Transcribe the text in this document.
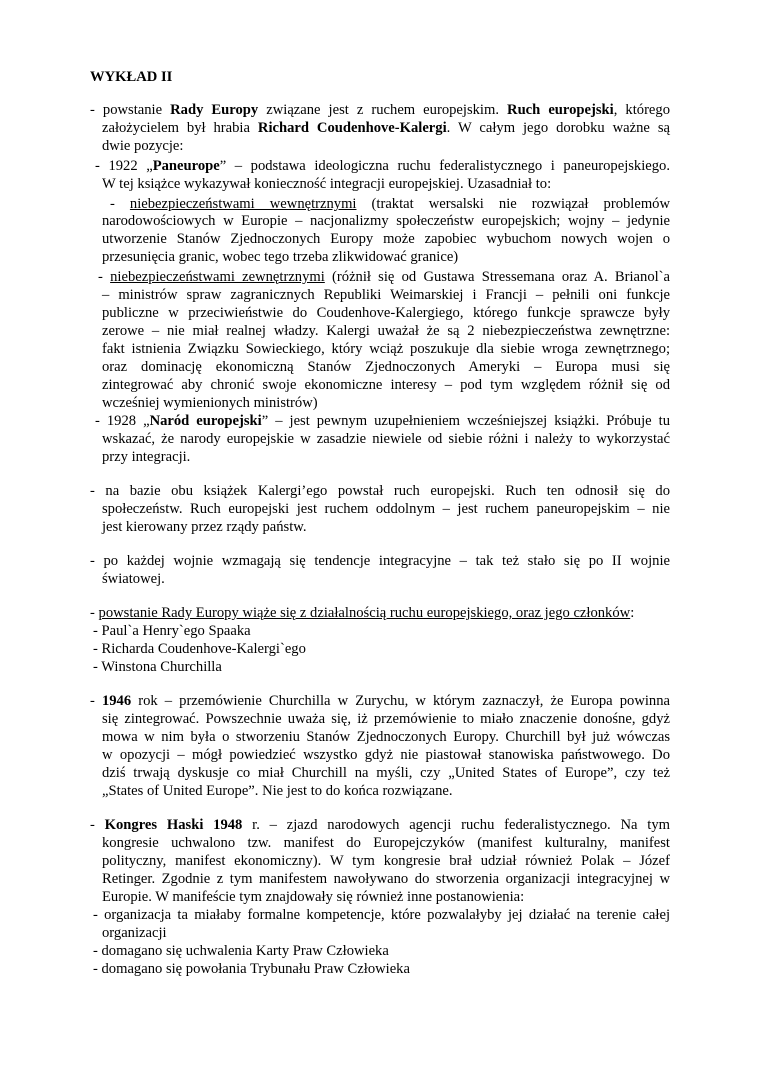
WYKŁAD II
- powstanie Rady Europy związane jest z ruchem europejskim. Ruch europejski, którego
założycielem był hrabia Richard Coudenhove-Kalergi. W całym jego dorobku ważne są
dwie pozycje:
- 1922 „Paneurope” – podstawa ideologiczna ruchu federalistycznego i paneuropejskiego.
W tej książce wykazywał konieczność integracji europejskiej. Uzasadniał to:
- niebezpieczeństwami wewnętrznymi (traktat wersalski nie rozwiązał problemów
narodowościowych w Europie – nacjonalizmy społeczeństw europejskich; wojny – jedynie
utworzenie Stanów Zjednoczonych Europy może zapobiec wybuchom nowych wojen o
przesunięcia granic, wobec tego trzeba zlikwidować granice)
- niebezpieczeństwami zewnętrznymi (różnił się od Gustawa Stressemana oraz A. Brianol`a
– ministrów spraw zagranicznych Republiki Weimarskiej i Francji – pełnili oni funkcje
publiczne w przeciwieństwie do Coudenhove-Kalergiego, którego funkcje sprawcze były
zerowe – nie miał realnej władzy. Kalergi uważał że są 2 niebezpieczeństwa zewnętrzne:
fakt istnienia Związku Sowieckiego, który wciąż poszukuje dla siebie wroga zewnętrznego;
oraz dominację ekonomiczną Stanów Zjednoczonych Ameryki – Europa musi się
zintegrować aby chronić swoje ekonomiczne interesy – pod tym względem różnił się od
wcześniej wymienionych ministrów)
- 1928 „Naród europejski” – jest pewnym uzupełnieniem wcześniejszej książki. Próbuje tu
wskazać, że narody europejskie w zasadzie niewiele od siebie różni i należy to wykorzystać
przy integracji.
- na bazie obu książek Kalergi’ego powstał ruch europejski. Ruch ten odnosił się do
społeczeństw. Ruch europejski jest ruchem oddolnym – jest ruchem paneuropejskim – nie
jest kierowany przez rządy państw.
- po każdej wojnie wzmagają się tendencje integracyjne – tak też stało się po II wojnie
światowej.
- powstanie Rady Europy wiąże się z działalnością ruchu europejskiego, oraz jego członków:
- Paul`a Henry`ego Spaaka
- Richarda Coudenhove-Kalergi`ego
- Winstona Churchilla
- 1946 rok – przemówienie Churchilla w Zurychu, w którym zaznaczył, że Europa powinna
się zintegrować. Powszechnie uważa się, iż przemówienie to miało znaczenie donośne, gdyż
mowa w nim była o stworzeniu Stanów Zjednoczonych Europy. Churchill był już wówczas
w opozycji – mógł powiedzieć wszystko gdyż nie piastował stanowiska państwowego. Do
dziś trwają dyskusje co miał Churchill na myśli, czy „United States of Europe”, czy też
„States of United Europe”. Nie jest to do końca rozwiązane.
- Kongres Haski 1948 r. – zjazd narodowych agencji ruchu federalistycznego. Na tym
kongresie uchwalono tzw. manifest do Europejczyków (manifest kulturalny, manifest
polityczny, manifest ekonomiczny). W tym kongresie brał udział również Polak – Józef
Retinger. Zgodnie z tym manifestem nawoływano do stworzenia organizacji integracyjnej w
Europie. W manifeście tym znajdowały się również inne postanowienia:
- organizacja ta miałaby formalne kompetencje, które pozwalałyby jej działać na terenie całej
organizacji
- domagano się uchwalenia Karty Praw Człowieka
- domagano się powołania Trybunału Praw Człowieka
